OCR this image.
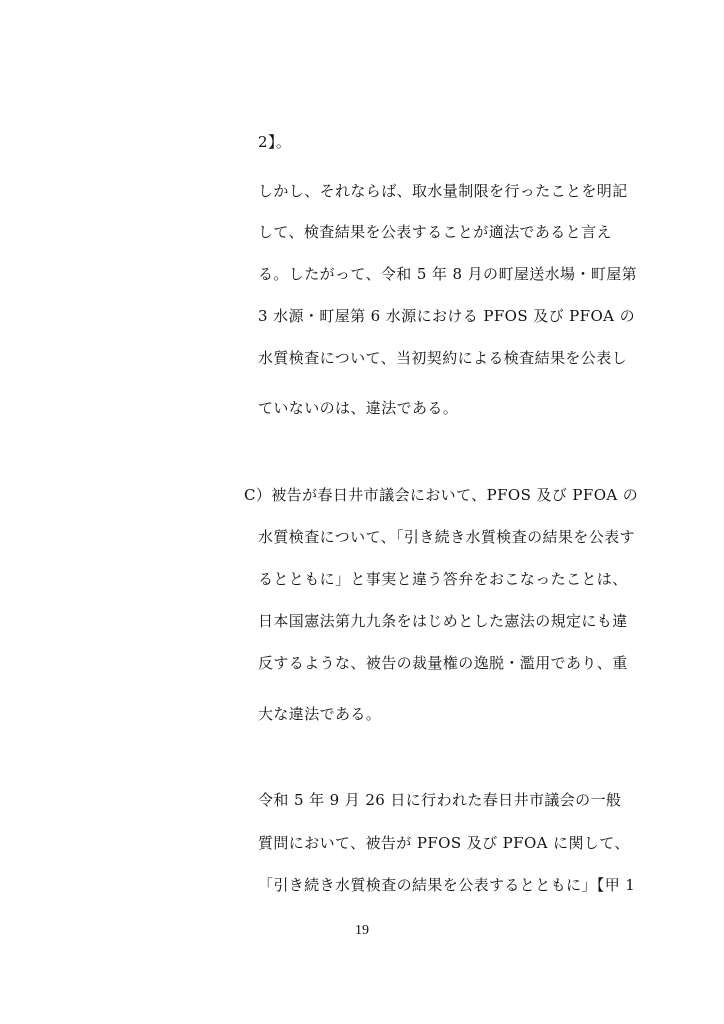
2】。

しかし、それならば、取水量制限を行ったことを明記

して、検査結果を公表することが適法であると言え

る。したがって、令和 5 年 8 月の町屋送水場・町屋第

3 水源・町屋第 6 水源における PFOS 及び PFOA の

水質検査について、当初契約による検査結果を公表し

ていないのは、違法である。

C）被告が春日井市議会において、PFOS 及び PFOA の

水質検査について、「引き続き水質検査の結果を公表す

るとともに」と事実と違う答弁をおこなったことは、

日本国憲法第九九条をはじめとした憲法の規定にも違

反するような、被告の裁量権の逸脱・濫用であり、重

大な違法である。

令和 5 年 9 月 26 日に行われた春日井市議会の一般

質問において、被告が PFOS 及び PFOA に関して、

「引き続き水質検査の結果を公表するとともに」【甲 1

19
